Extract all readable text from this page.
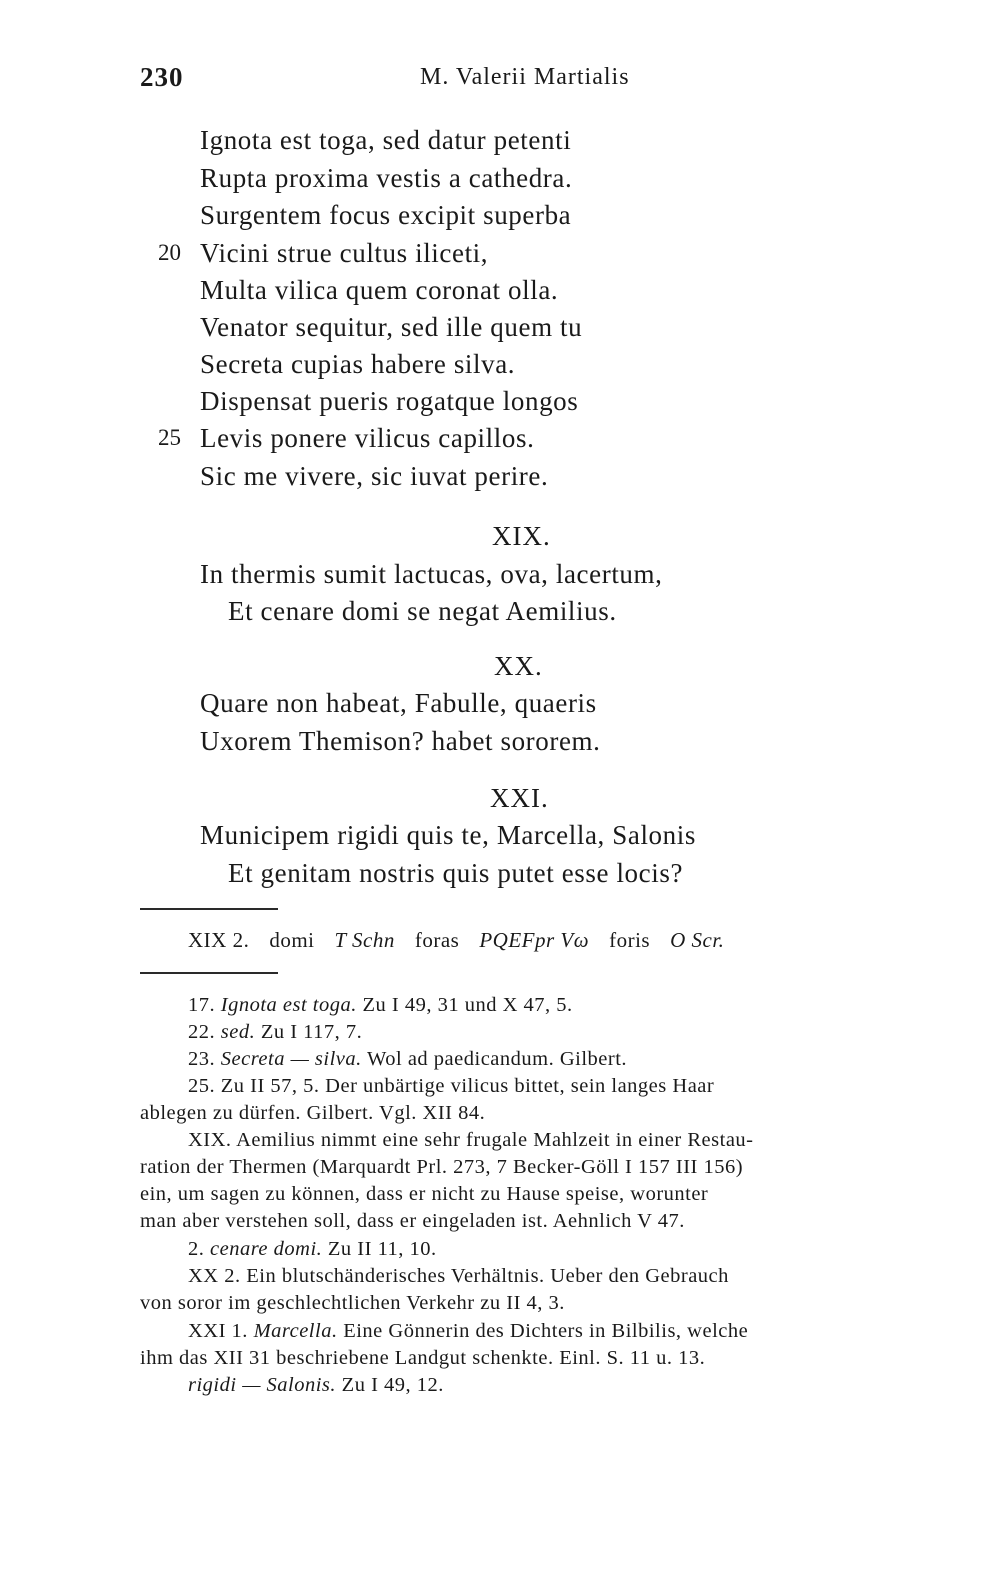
230	M. Valerii Martialis
Ignota est toga, sed datur petenti
Rupta proxima vestis a cathedra.
Surgentem focus excipit superba
20 Vicini strue cultus iliceti,
Multa vilica quem coronat olla.
Venator sequitur, sed ille quem tu
Secreta cupias habere silva.
Dispensat pueris rogatque longos
25 Levis ponere vilicus capillos.
Sic me vivere, sic iuvat perire.
XIX.
In thermis sumit lactucas, ova, lacertum,
Et cenare domi se negat Aemilius.
XX.
Quare non habeat, Fabulle, quaeris
Uxorem Themison? habet sororem.
XXI.
Municipem rigidi quis te, Marcella, Salonis
Et genitam nostris quis putet esse locis?
XIX 2. domi T Schn foras PQEFpr Vω foris O Scr.
17. Ignota est toga. Zu I 49, 31 und X 47, 5.
22. sed. Zu I 117, 7.
23. Secreta — silva. Wol ad paedicandum. Gilbert.
25. Zu II 57, 5. Der unbärtige vilicus bittet, sein langes Haar
ablegen zu dürfen. Gilbert. Vgl. XII 84.
XIX. Aemilius nimmt eine sehr frugale Mahlzeit in einer Restau-
ration der Thermen (Marquardt Prl. 273, 7 Becker-Göll I 157 III 156)
ein, um sagen zu können, dass er nicht zu Hause speise, worunter
man aber verstehen soll, dass er eingeladen ist. Aehnlich V 47.
2. cenare domi. Zu II 11, 10.
XX 2. Ein blutschänderisches Verhältnis. Ueber den Gebrauch
von soror im geschlechtlichen Verkehr zu II 4, 3.
XXI 1. Marcella. Eine Gönnerin des Dichters in Bilbilis, welche
ihm das XII 31 beschriebene Landgut schenkte. Einl. S. 11 u. 13.
rigidi — Salonis. Zu I 49, 12.
